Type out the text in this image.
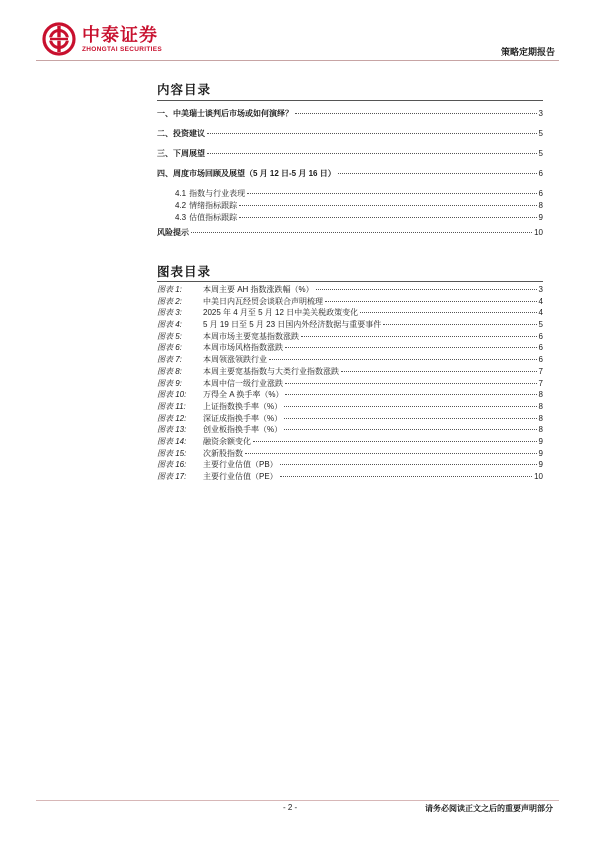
中泰证券
ZHONGTAI SECURITIES	策略定期报告
内容目录
一、中美瑞士谈判后市场或如何演绎？	3
二、投资建议	5
三、下周展望	5
四、周度市场回顾及展望（5 月 12 日-5 月 16 日）	6
4.1 指数与行业表现	6
4.2 情绪指标跟踪	8
4.3 估值指标跟踪	9
风险提示	10
图表目录
图表 1:	本周主要 AH 指数涨跌幅（%）	3
图表 2:	中美日内瓦经贸会谈联合声明梳理	4
图表 3:	2025 年 4 月至 5 月 12 日中美关税政策变化	4
图表 4:	5 月 19 日至 5 月 23 日国内外经济数据与重要事件	5
图表 5:	本周市场主要宽基指数涨跌	6
图表 6:	本周市场风格指数涨跌	6
图表 7:	本周领涨领跌行业	6
图表 8:	本周主要宽基指数与大类行业指数涨跌	7
图表 9:	本周中信一级行业涨跌	7
图表 10: 万得全 A 换手率（%）	8
图表 11: 上证指数换手率（%）	8
图表 12: 深证成指换手率（%）	8
图表 13: 创业板指换手率（%）	8
图表 14: 融资余额变化	9
图表 15: 次新股指数	9
图表 16: 主要行业估值（PB）	9
图表 17: 主要行业估值（PE）	10
- 2 -	请务必阅读正文之后的重要声明部分
